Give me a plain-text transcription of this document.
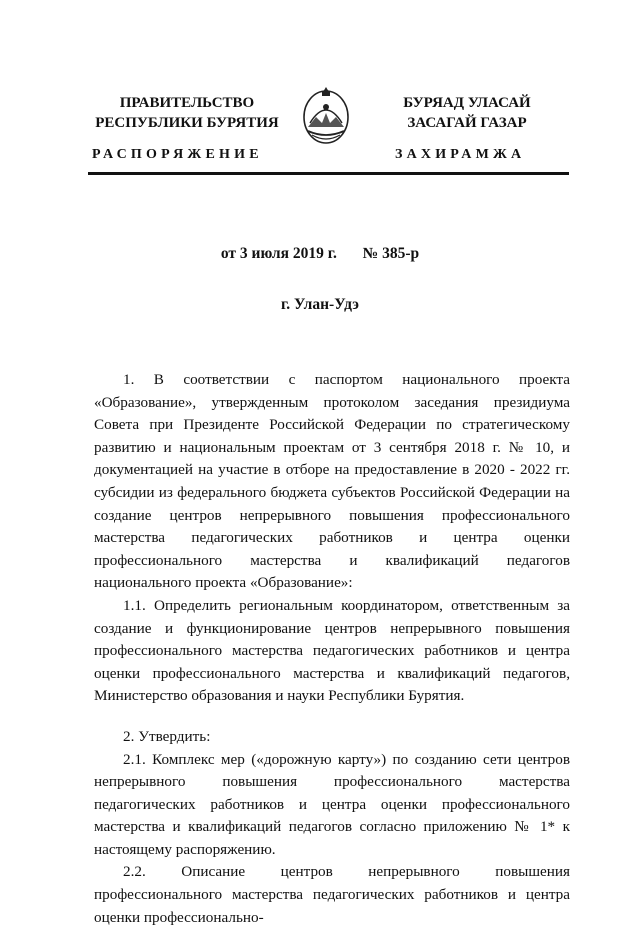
ПРАВИТЕЛЬСТВО
РЕСПУБЛИКИ БУРЯТИЯ
БУРЯАД УЛАСАЙ
ЗАСАГАЙ ГАЗАР
РАСПОРЯЖЕНИЕ	ЗАХИРАМЖА
от 3 июля 2019 г. № 385-р
г. Улан-Удэ

1. В соответствии с паспортом национального проекта «Образование», утвержденным протоколом заседания президиума Совета при Президенте Российской Федерации по стратегическому развитию и национальным проектам от 3 сентября 2018 г. № 10, и документацией на участие в отборе на предоставление в 2020 - 2022 гг. субсидии из федерального бюджета субъектов Российской Федерации на создание центров непрерывного повышения профессионального мастерства педагогических работников и центра оценки профессионального мастерства и квалификаций педагогов национального проекта «Образование»:

1.1. Определить региональным координатором, ответственным за создание и функционирование центров непрерывного повышения профессионального мастерства педагогических работников и центра оценки профессионального мастерства и квалификаций педагогов, Министерство образования и науки Республики Бурятия.

2. Утвердить:

2.1. Комплекс мер («дорожную карту») по созданию сети центров непрерывного повышения профессионального мастерства педагогических работников и центра оценки профессионального мастерства и квалификаций педагогов согласно приложению № 1* к настоящему распоряжению.

2.2. Описание центров непрерывного повышения профессионального мастерства педагогических работников и центра оценки профессионально-
